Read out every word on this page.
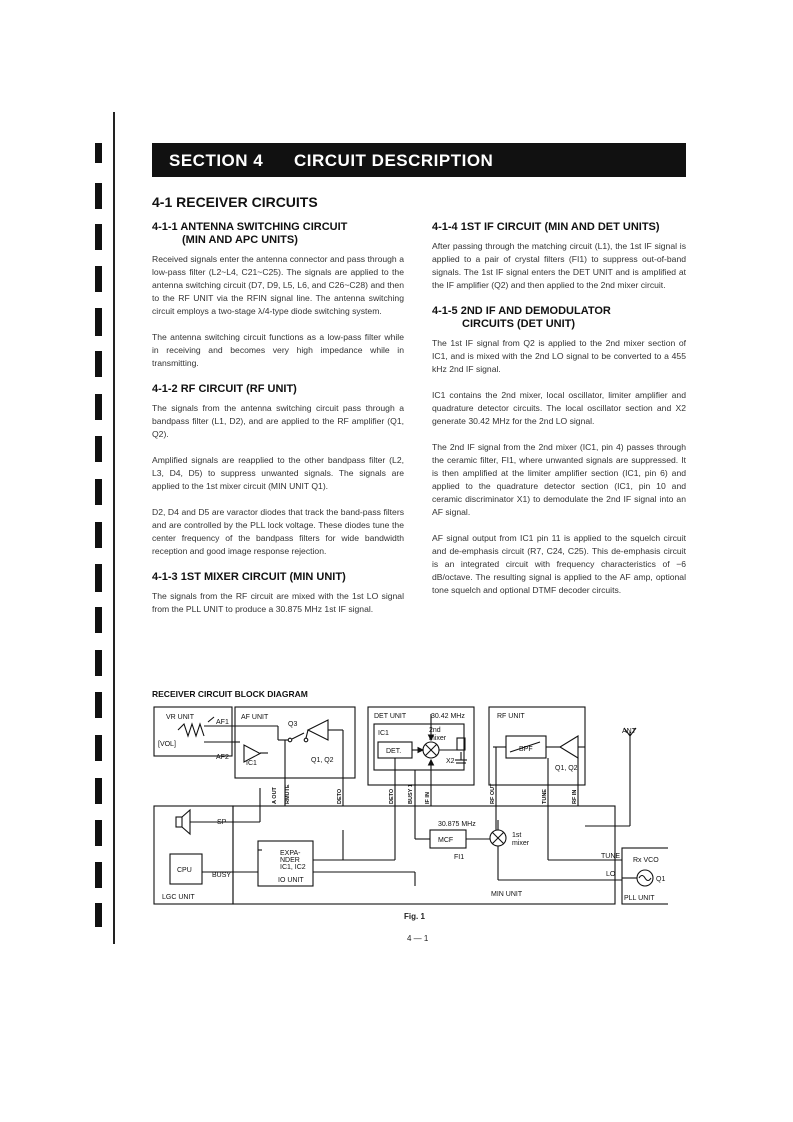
SECTION 4 CIRCUIT DESCRIPTION
4-1 RECEIVER CIRCUITS
4-1-1 ANTENNA SWITCHING CIRCUIT
(MIN AND APC UNITS)

Received signals enter the antenna connector and pass through a low-pass filter (L2~L4, C21~C25). The signals are applied to the antenna switching circuit (D7, D9, L5, L6, and C26~C28) and then to the RF UNIT via the RFIN signal line. The antenna switching circuit employs a two-stage λ/4-type diode switching system.

The antenna switching circuit functions as a low-pass filter while in receiving and becomes very high impedance while in transmitting.

4-1-2 RF CIRCUIT (RF UNIT)

The signals from the antenna switching circuit pass through a bandpass filter (L1, D2), and are applied to the RF amplifier (Q1, Q2).

Amplified signals are reapplied to the other bandpass filter (L2, L3, D4, D5) to suppress unwanted signals. The signals are applied to the 1st mixer circuit (MIN UNIT Q1).

D2, D4 and D5 are varactor diodes that track the band-pass filters and are controlled by the PLL lock voltage. These diodes tune the center frequency of the bandpass filters for wide bandwidth reception and good image response rejection.

4-1-3 1ST MIXER CIRCUIT (MIN UNIT)

The signals from the RF circuit are mixed with the 1st LO signal from the PLL UNIT to produce a 30.875 MHz 1st IF signal.

4-1-4 1ST IF CIRCUIT (MIN AND DET UNITS)

After passing through the matching circuit (L1), the 1st IF signal is applied to a pair of crystal filters (FI1) to suppress out-of-band signals. The 1st IF signal enters the DET UNIT and is amplified at the IF amplifier (Q2) and then applied to the 2nd mixer circuit.

4-1-5 2ND IF AND DEMODULATOR
CIRCUITS (DET UNIT)

The 1st IF signal from Q2 is applied to the 2nd mixer section of IC1, and is mixed with the 2nd LO signal to be converted to a 455 kHz 2nd IF signal.

IC1 contains the 2nd mixer, local oscillator, limiter amplifier and quadrature detector circuits. The local oscillator section and X2 generate 30.42 MHz for the 2nd LO signal.

The 2nd IF signal from the 2nd mixer (IC1, pin 4) passes through the ceramic filter, FI1, where unwanted signals are suppressed. It is then amplified at the limiter amplifier section (IC1, pin 6) and applied to the quadrature detector section (IC1, pin 10 and ceramic discriminator X1) to demodulate the 2nd IF signal into an AF signal.

AF signal output from IC1 pin 11 is applied to the squelch circuit and de-emphasis circuit (R7, C24, C25). This de-emphasis circuit is an integrated circuit with frequency characteristics of −6 dB/octave. The resulting signal is applied to the AF amp, optional tone squelch and optional DTMF decoder circuits.

RECEIVER CIRCUIT BLOCK DIAGRAM
VR UNIT
[VOL]
AF1
AF2
AF UNIT
Q3
IC1	Q1, Q2
DET UNIT	30.42 MHz
IC1	2nd
mixer
DET.
X2
RF UNIT
BPF
Q1, Q2
ANT
SP	30.875 MHz
MCF
FI1
1st
mixer
CPU
BUSY
EXPA-
NDER
IC1, IC2
IO UNIT
LGC UNIT	MIN UNIT
TUNE
LO
Rx VCO
Q1
PLL UNIT
A OUT RMUTE	DETO	DETO BUSY 1 IF IN	RF OUT	TUNE	RF IN
Fig. 1
4 — 1
